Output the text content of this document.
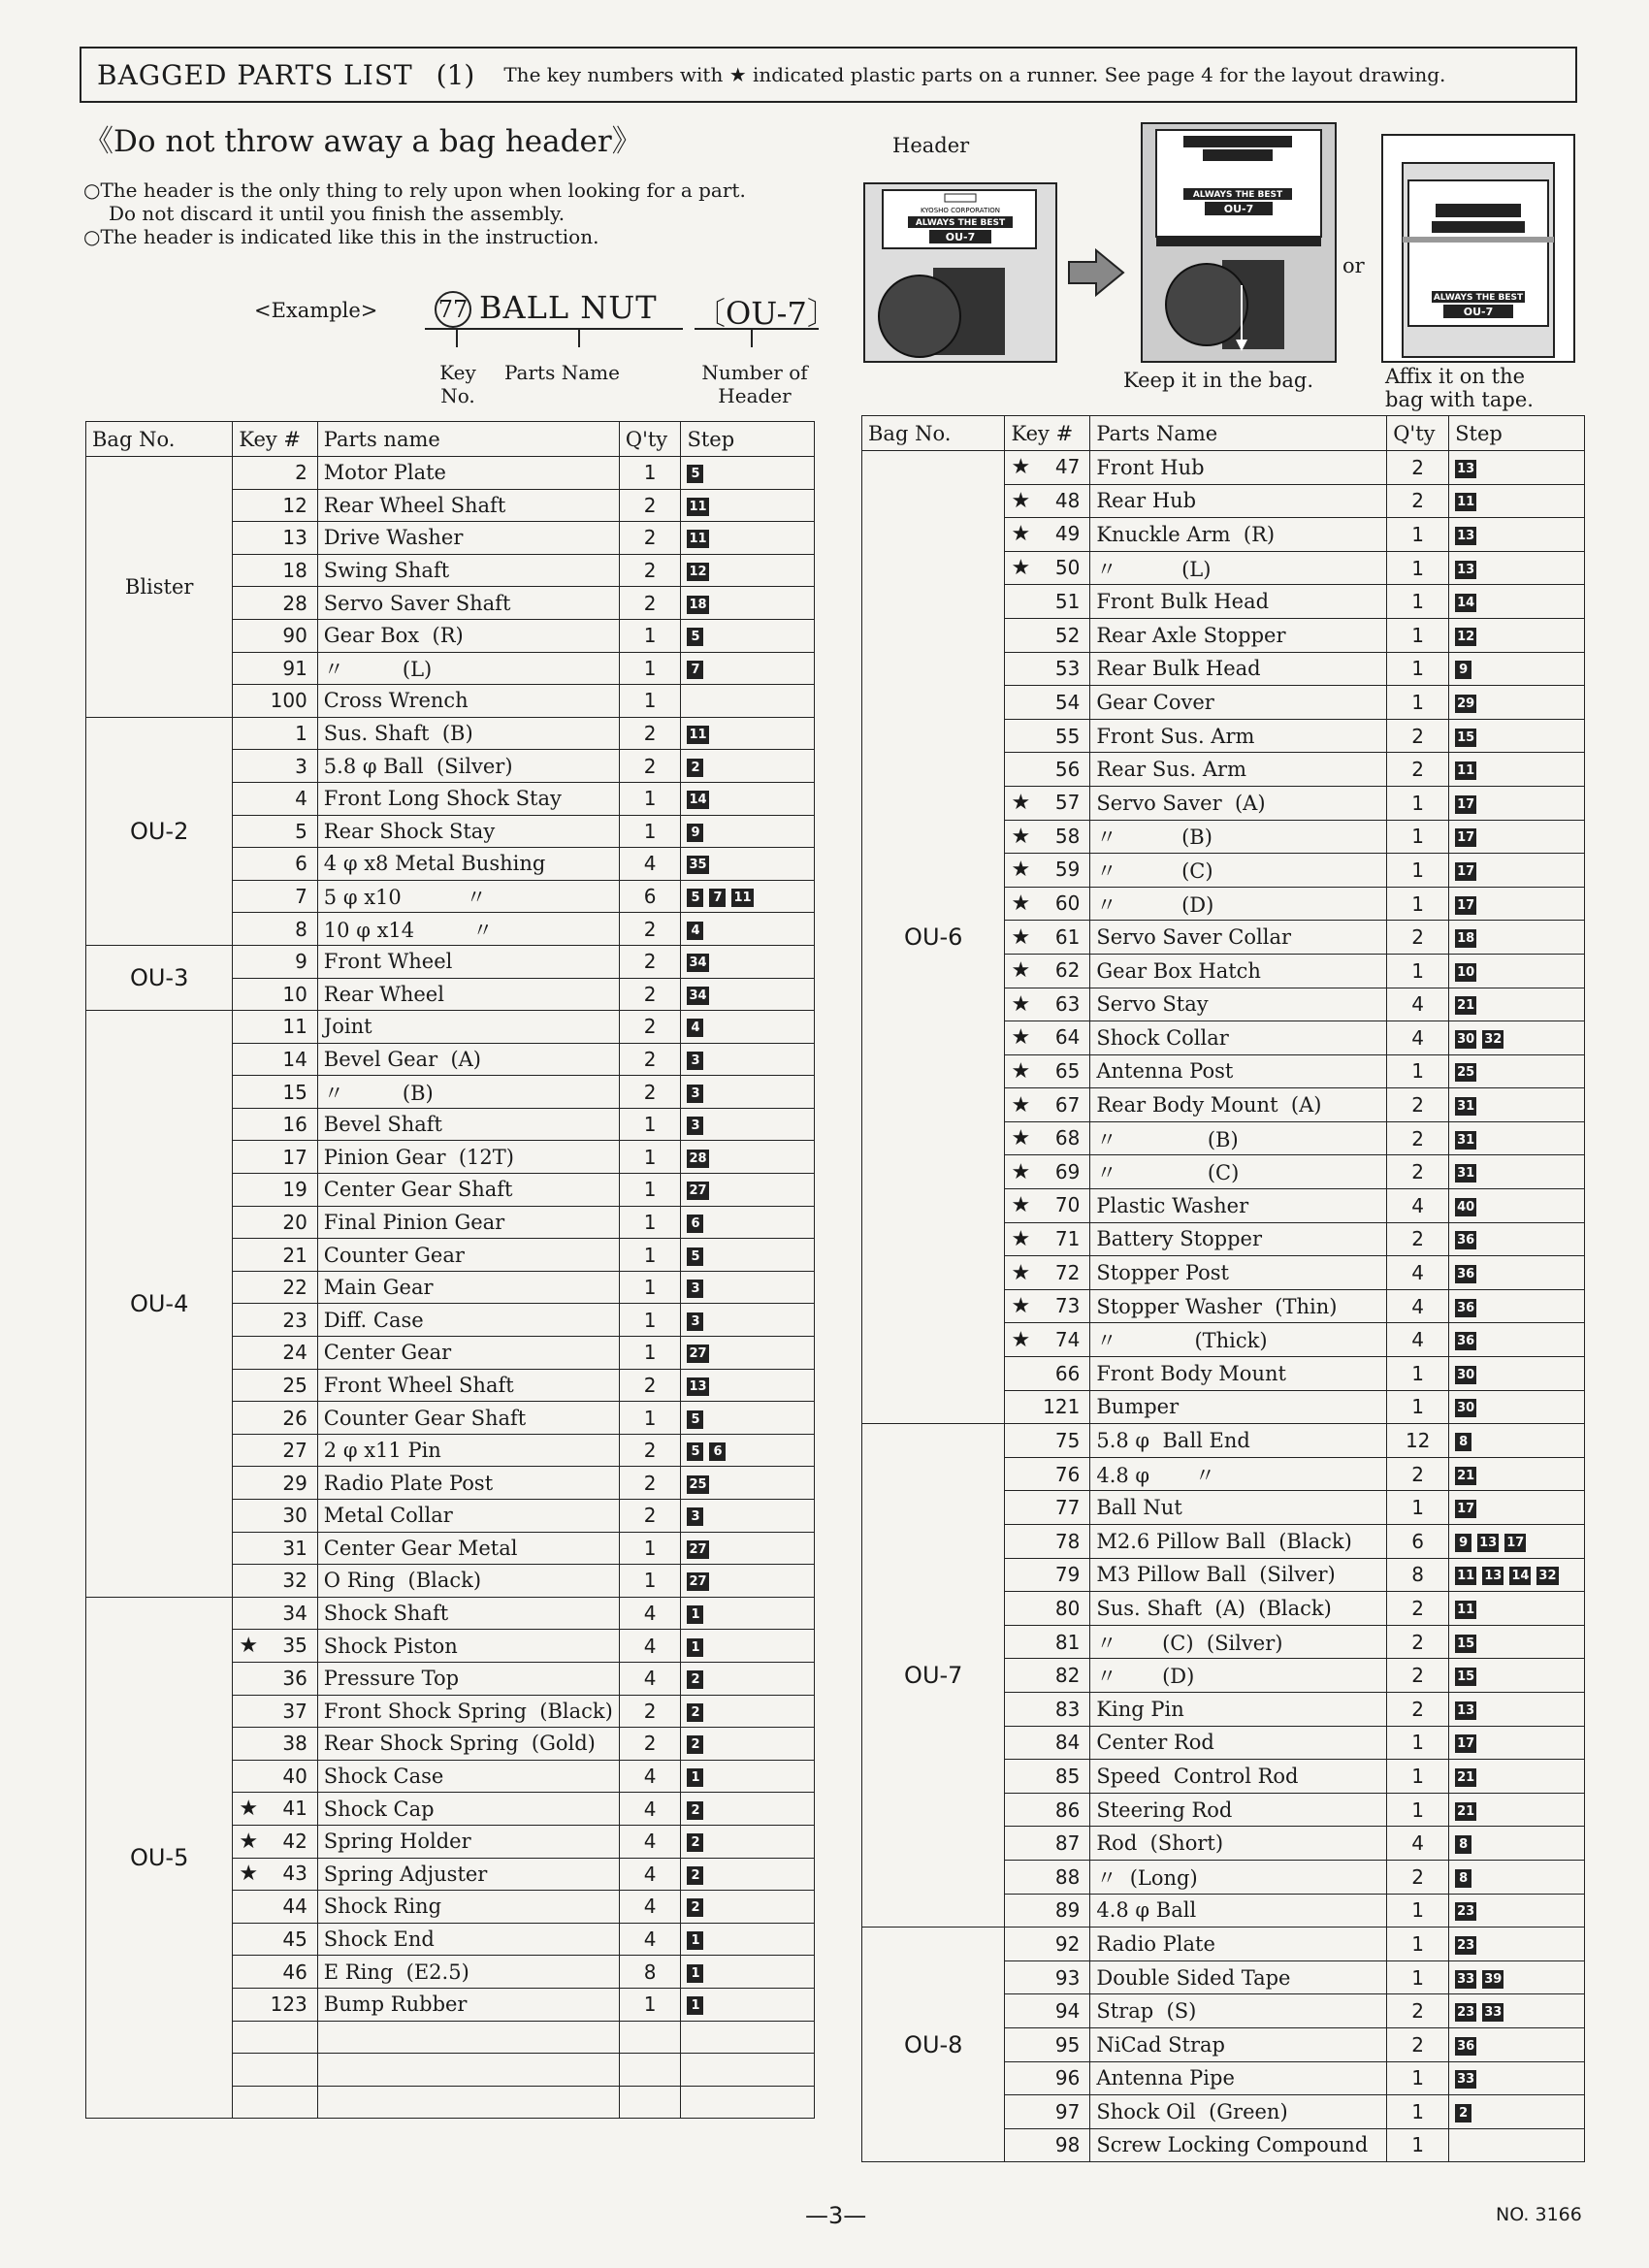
BAGGED PARTS LIST (1) The key numbers with ★ indicated plastic parts on a runner. See page 4 for the layout drawing.
《Do not throw away a bag header》
○The header is the only thing to rely upon when looking for a part.
Do not discard it until you finish the assembly.
○The header is indicated like this in the instruction.
<Example>	77 BALL NUT 〔OU-7〕
Key
No.
Parts Name	Number of
Header
Header
KYOSHO CORPORATION
ALWAYS THE BEST
OU-7
ALWAYS THE BEST
OU-7
or
ALWAYS THE BEST
OU-7
Keep it in the bag.	Affix it on the
bag with tape.
Bag No.	Key #	Parts name	Q'ty	Step
Blister	2	Motor Plate	1	5
	12	Rear Wheel Shaft	2	11
	13	Drive Washer	2	11
	18	Swing Shaft	2	12
	28	Servo Saver Shaft	2	18
	90	Gear Box  (R)	1	5
	91	〃         (L)	1	7
	100	Cross Wrench	1	
OU-2	1	Sus. Shaft  (B)	2	11
	3	5.8 φ Ball  (Silver)	2	2
	4	Front Long Shock Stay	1	14
	5	Rear Shock Stay	1	9
	6	4 φ x8 Metal Bushing	4	35
	7	5 φ x10          〃	6	5 7 11
	8	10 φ x14         〃	2	4
OU-3	9	Front Wheel	2	34
	10	Rear Wheel	2	34
OU-4	11	Joint	2	4
	14	Bevel Gear  (A)	2	3
	15	〃         (B)	2	3
	16	Bevel Shaft	1	3
	17	Pinion Gear  (12T)	1	28
	19	Center Gear Shaft	1	27
	20	Final Pinion Gear	1	6
	21	Counter Gear	1	5
	22	Main Gear	1	3
	23	Diff. Case	1	3
	24	Center Gear	1	27
	25	Front Wheel Shaft	2	13
	26	Counter Gear Shaft	1	5
	27	2 φ x11 Pin	2	5 6
	29	Radio Plate Post	2	25
	30	Metal Collar	2	3
	31	Center Gear Metal	1	27
	32	O Ring  (Black)	1	27
OU-5	34	Shock Shaft	4	1

	★ 35	Shock Piston	4	1
	36	Pressure Top	4	2
	37	Front Shock Spring  (Black)	2	2
	38	Rear Shock Spring  (Gold)	2	2
	40	Shock Case	4	1

	★ 41	Shock Cap	4	2

	★ 42	Spring Holder	4	2

	★ 43	Spring Adjuster	4	2
	44	Shock Ring	4	2
	45	Shock End	4	1
	46	E Ring  (E2.5)	8	1
	123	Bump Rubber	1	1

Bag No.	Key #	Parts Name	Q'ty	Step
OU-6	★ 47	Front Hub	2	13

	★ 48	Rear Hub	2	11

	★ 49	Knuckle Arm  (R)	1	13

	★ 50	〃          (L)	1	13
	51	Front Bulk Head	1	14
	52	Rear Axle Stopper	1	12
	53	Rear Bulk Head	1	9
	54	Gear Cover	1	29
	55	Front Sus. Arm	2	15
	56	Rear Sus. Arm	2	11

	★ 57	Servo Saver  (A)	1	17

	★ 58	〃          (B)	1	17

	★ 59	〃          (C)	1	17

	★ 60	〃          (D)	1	17

	★ 61	Servo Saver Collar	2	18

	★ 62	Gear Box Hatch	1	10

	★ 63	Servo Stay	4	21

	★ 64	Shock Collar	4	30 32

	★ 65	Antenna Post	1	25

	★ 67	Rear Body Mount  (A)	2	31

	★ 68	〃              (B)	2	31

	★ 69	〃              (C)	2	31

	★ 70	Plastic Washer	4	40

	★ 71	Battery Stopper	2	36

	★ 72	Stopper Post	4	36

	★ 73	Stopper Washer  (Thin)	4	36

	★ 74	〃            (Thick)	4	36
	66	Front Body Mount	1	30
	121	Bumper	1	30
OU-7	75	5.8 φ  Ball End	12	8
	76	4.8 φ       〃	2	21
	77	Ball Nut	1	17
	78	M2.6 Pillow Ball  (Black)	6	9 13 17
	79	M3 Pillow Ball  (Silver)	8	11 13 14 32
	80	Sus. Shaft  (A)  (Black)	2	11
	81	〃       (C)  (Silver)	2	15
	82	〃       (D)	2	15
	83	King Pin	2	13
	84	Center Rod	1	17
	85	Speed  Control Rod	1	21
	86	Steering Rod	1	21
	87	Rod  (Short)	4	8
	88	〃  (Long)	2	8
	89	4.8 φ Ball	1	23
OU-8	92	Radio Plate	1	23
	93	Double Sided Tape	1	33 39
	94	Strap  (S)	2	23 33
	95	NiCad Strap	2	36
	96	Antenna Pipe	1	33
	97	Shock Oil  (Green)	1	2
	98	Screw Locking Compound	1	
—3—	NO. 3166
